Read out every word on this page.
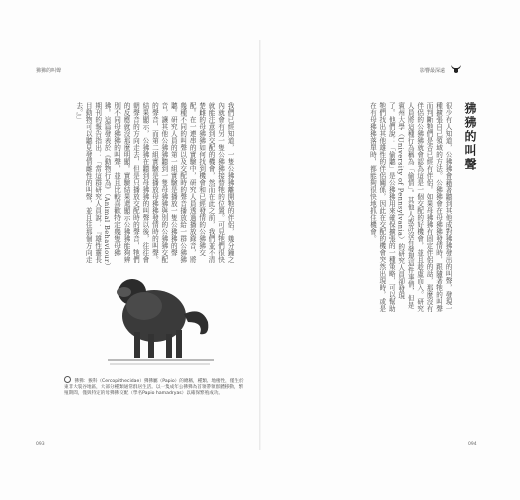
狒狒的叫聲
我們已經知道，一隻公狒狒離開牠的伴侶，幾分鐘之內就會有另一隻公狒狒接替牠的位置。可見牠們很快就能注意到交配的機會，然而在此之前，我們並不清楚雌的母狒狒如何找到機會和已經發情的公狒狒交配。在一連串的實驗中，研究人員透過播放錄音，將幾種不同的叫聲以及交配時的聲音播放給一群公狒狒聽。研究人員的第一組實驗是播放一隻公狒狒的聲音，讓其他公狒狒聽到一隻母狒狒與別的公狒狒交配的聲音，而第二組實驗是播放母狒狒發情時的叫聲。結果顯示，公狒狒在聽到母狒狒的叫聲以後，往往會朝聲音的方向走去，但是只播放交配時的聲音，牠們的反應就沒那麼明顯。實驗結果還顯示公狒狒能夠辨別不同母狒狒的叫聲，並且比較喜歡特定幾隻母狒狒。這篇發表於《動物行為》（Animal Behaviour）期刊的報告指出：「當這群研究人員說：『雄性靈長目動物可以聽見發情雌性的叫聲，並且往那個方向走去。』」
狒狒：猴科（Cercopithecidae）狒狒屬（Papio）的總稱，種類、地棲性，僅生於東非大裂谷地區，大部分種類通常群居生活。以一隻成年公狒狒為首領帶領群體移動，繁殖期間，僅與特定的母狒狒交配（學名Papio hamadryas）以確保繁殖成功。
093
影響最深遠
狒狒的叫聲
很少有人知道，公狒狒會藉著聽到其他成對狒狒發出的叫聲，發現一種擴張自己領域的方法。公狒狒會在母狒狒發情時，跟隨著牠的叫聲而判斷牠們是否已經有伴侶。如果母狒狒有固定伴侶的話，那麼沒有伴侶的公狒狒就會認為這是一個交配的好機會，並且趁虛而入。研究人員將這種行為稱為「偷情」。其他人或許沒有發現這件事情，但是賓州大學（University of Pennsylvania）的研究人員卻發現了。他們說：「偷聽」是公狒狒用來確保擴張的一種策略，可以幫助牠們找出其他雄性的伴侶關係，因此在交配的機會突然出現時，或是在有母狒狒落單時，都能夠很快地抓住機會。
094
